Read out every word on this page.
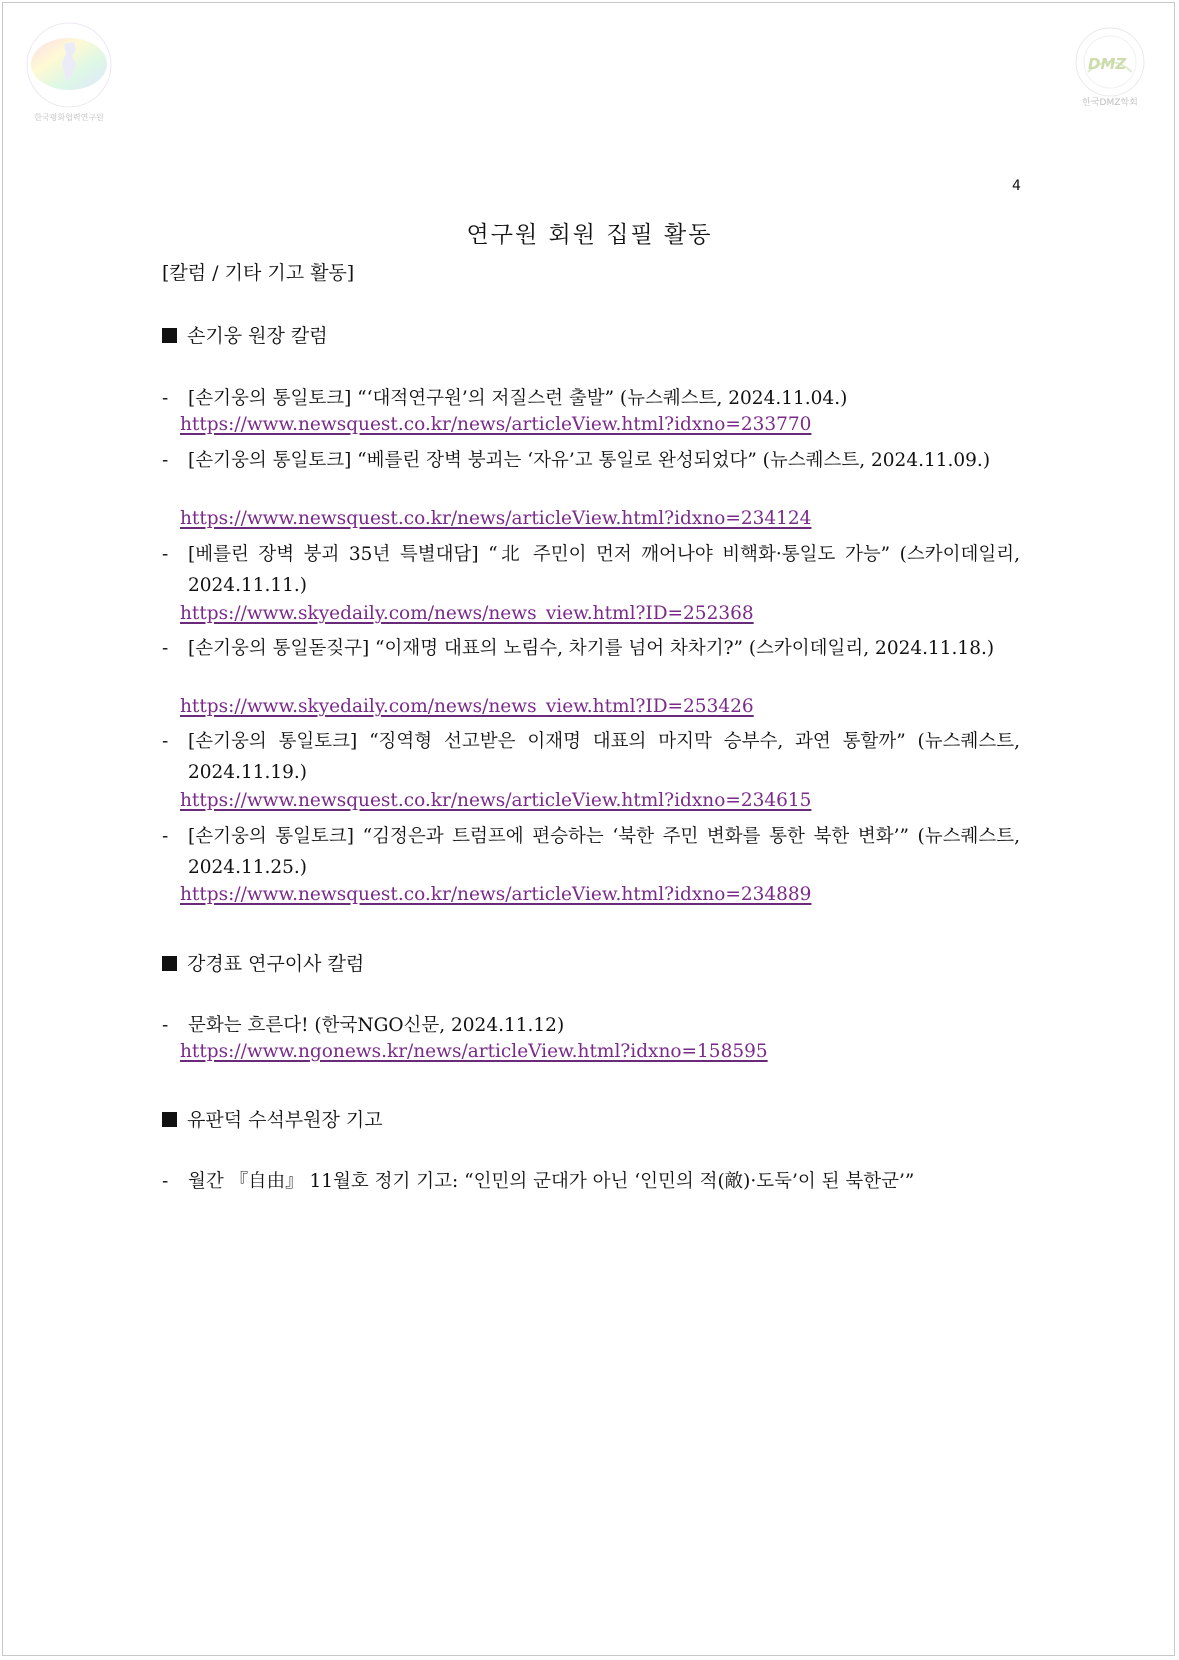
한국평화협력연구원
DMZ
한국DMZ학회
4
연구원 회원 집필 활동
[칼럼 / 기타 기고 활동]
손기웅 원장 칼럼
- [손기웅의 통일토크] “‘대적연구원’의 저질스런 출발” (뉴스퀘스트, 2024.11.04.)
https://www.newsquest.co.kr/news/articleView.html?idxno=233770
- [손기웅의 통일토크] “베를린 장벽 붕괴는 ‘자유’고 통일로 완성되었다” (뉴스퀘스트, 2024.11.09.)
https://www.newsquest.co.kr/news/articleView.html?idxno=234124
- [베를린 장벽 붕괴 35년 특별대담] “北 주민이 먼저 깨어나야 비핵화·통일도 가능” (스카이데일리, 2024.11.11.)
https://www.skyedaily.com/news/news_view.html?ID=252368
- [손기웅의 통일돋짖구] “이재명 대표의 노림수, 차기를 넘어 차차기?” (스카이데일리, 2024.11.18.)
https://www.skyedaily.com/news/news_view.html?ID=253426
- [손기웅의 통일토크] “징역형 선고받은 이재명 대표의 마지막 승부수, 과연 통할까” (뉴스퀘스트, 2024.11.19.)
https://www.newsquest.co.kr/news/articleView.html?idxno=234615
- [손기웅의 통일토크] “김정은과 트럼프에 편승하는 ‘북한 주민 변화를 통한 북한 변화’” (뉴스퀘스트, 2024.11.25.)
https://www.newsquest.co.kr/news/articleView.html?idxno=234889
강경표 연구이사 칼럼
- 문화는 흐른다! (한국NGO신문, 2024.11.12)
https://www.ngonews.kr/news/articleView.html?idxno=158595
유판덕 수석부원장 기고
- 월간 『自由』 11월호 정기 기고: “인민의 군대가 아닌 ‘인민의 적(敵)·도둑’이 된 북한군’”
